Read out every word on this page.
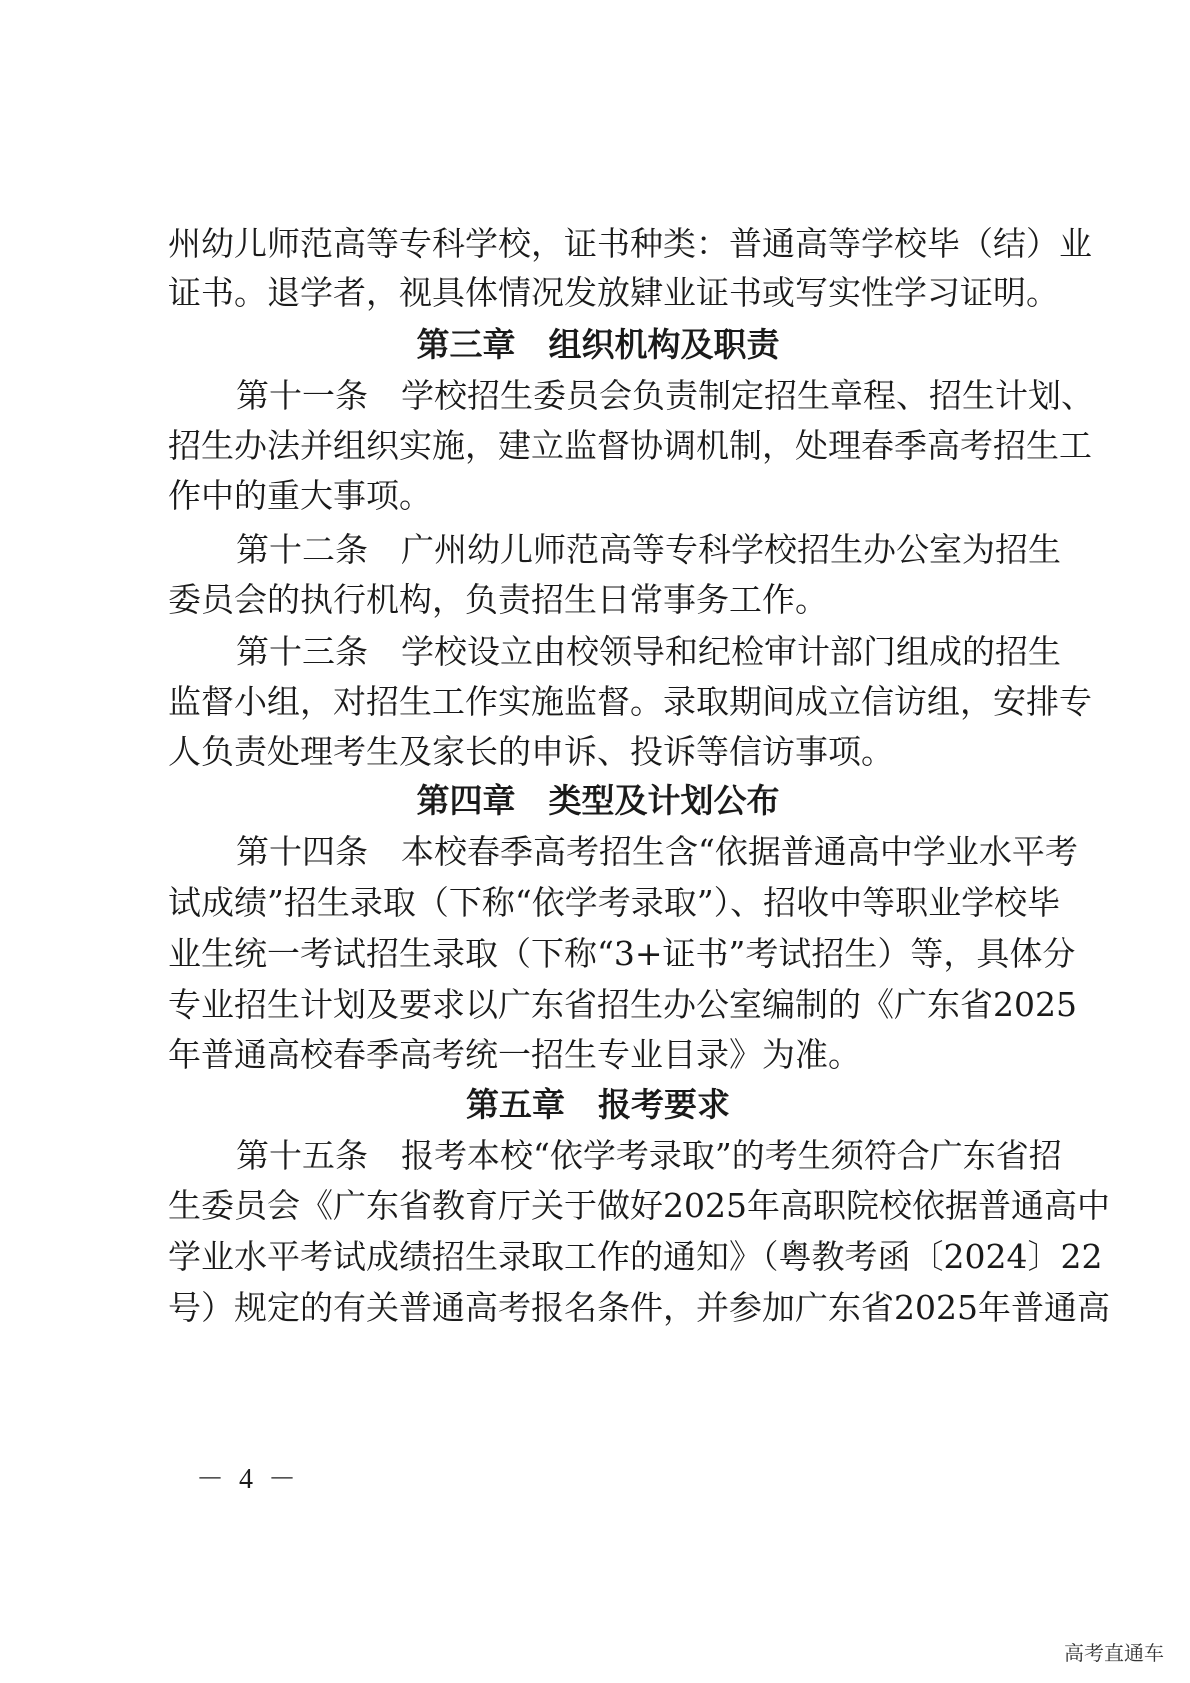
州幼儿师范高等专科学校，证书种类：普通高等学校毕（结）业
证书。退学者，视具体情况发放肄业证书或写实性学习证明。
第三章　组织机构及职责
第十一条　学校招生委员会负责制定招生章程、招生计划、
招生办法并组织实施，建立监督协调机制，处理春季高考招生工
作中的重大事项。
第十二条　广州幼儿师范高等专科学校招生办公室为招生
委员会的执行机构，负责招生日常事务工作。
第十三条　学校设立由校领导和纪检审计部门组成的招生
监督小组，对招生工作实施监督。录取期间成立信访组，安排专
人负责处理考生及家长的申诉、投诉等信访事项。
第四章　类型及计划公布
第十四条　本校春季高考招生含“依据普通高中学业水平考
试成绩”招生录取（下称“依学考录取”）、招收中等职业学校毕
业生统一考试招生录取（下称“3+证书”考试招生）等，具体分
专业招生计划及要求以广东省招生办公室编制的《广东省2025
年普通高校春季高考统一招生专业目录》为准。
第五章　报考要求
第十五条　报考本校“依学考录取”的考生须符合广东省招
生委员会《广东省教育厅关于做好2025年高职院校依据普通高中
学业水平考试成绩招生录取工作的通知》（粤教考函〔2024〕22
号）规定的有关普通高考报名条件，并参加广东省2025年普通高
－ 4 －
高考直通车
